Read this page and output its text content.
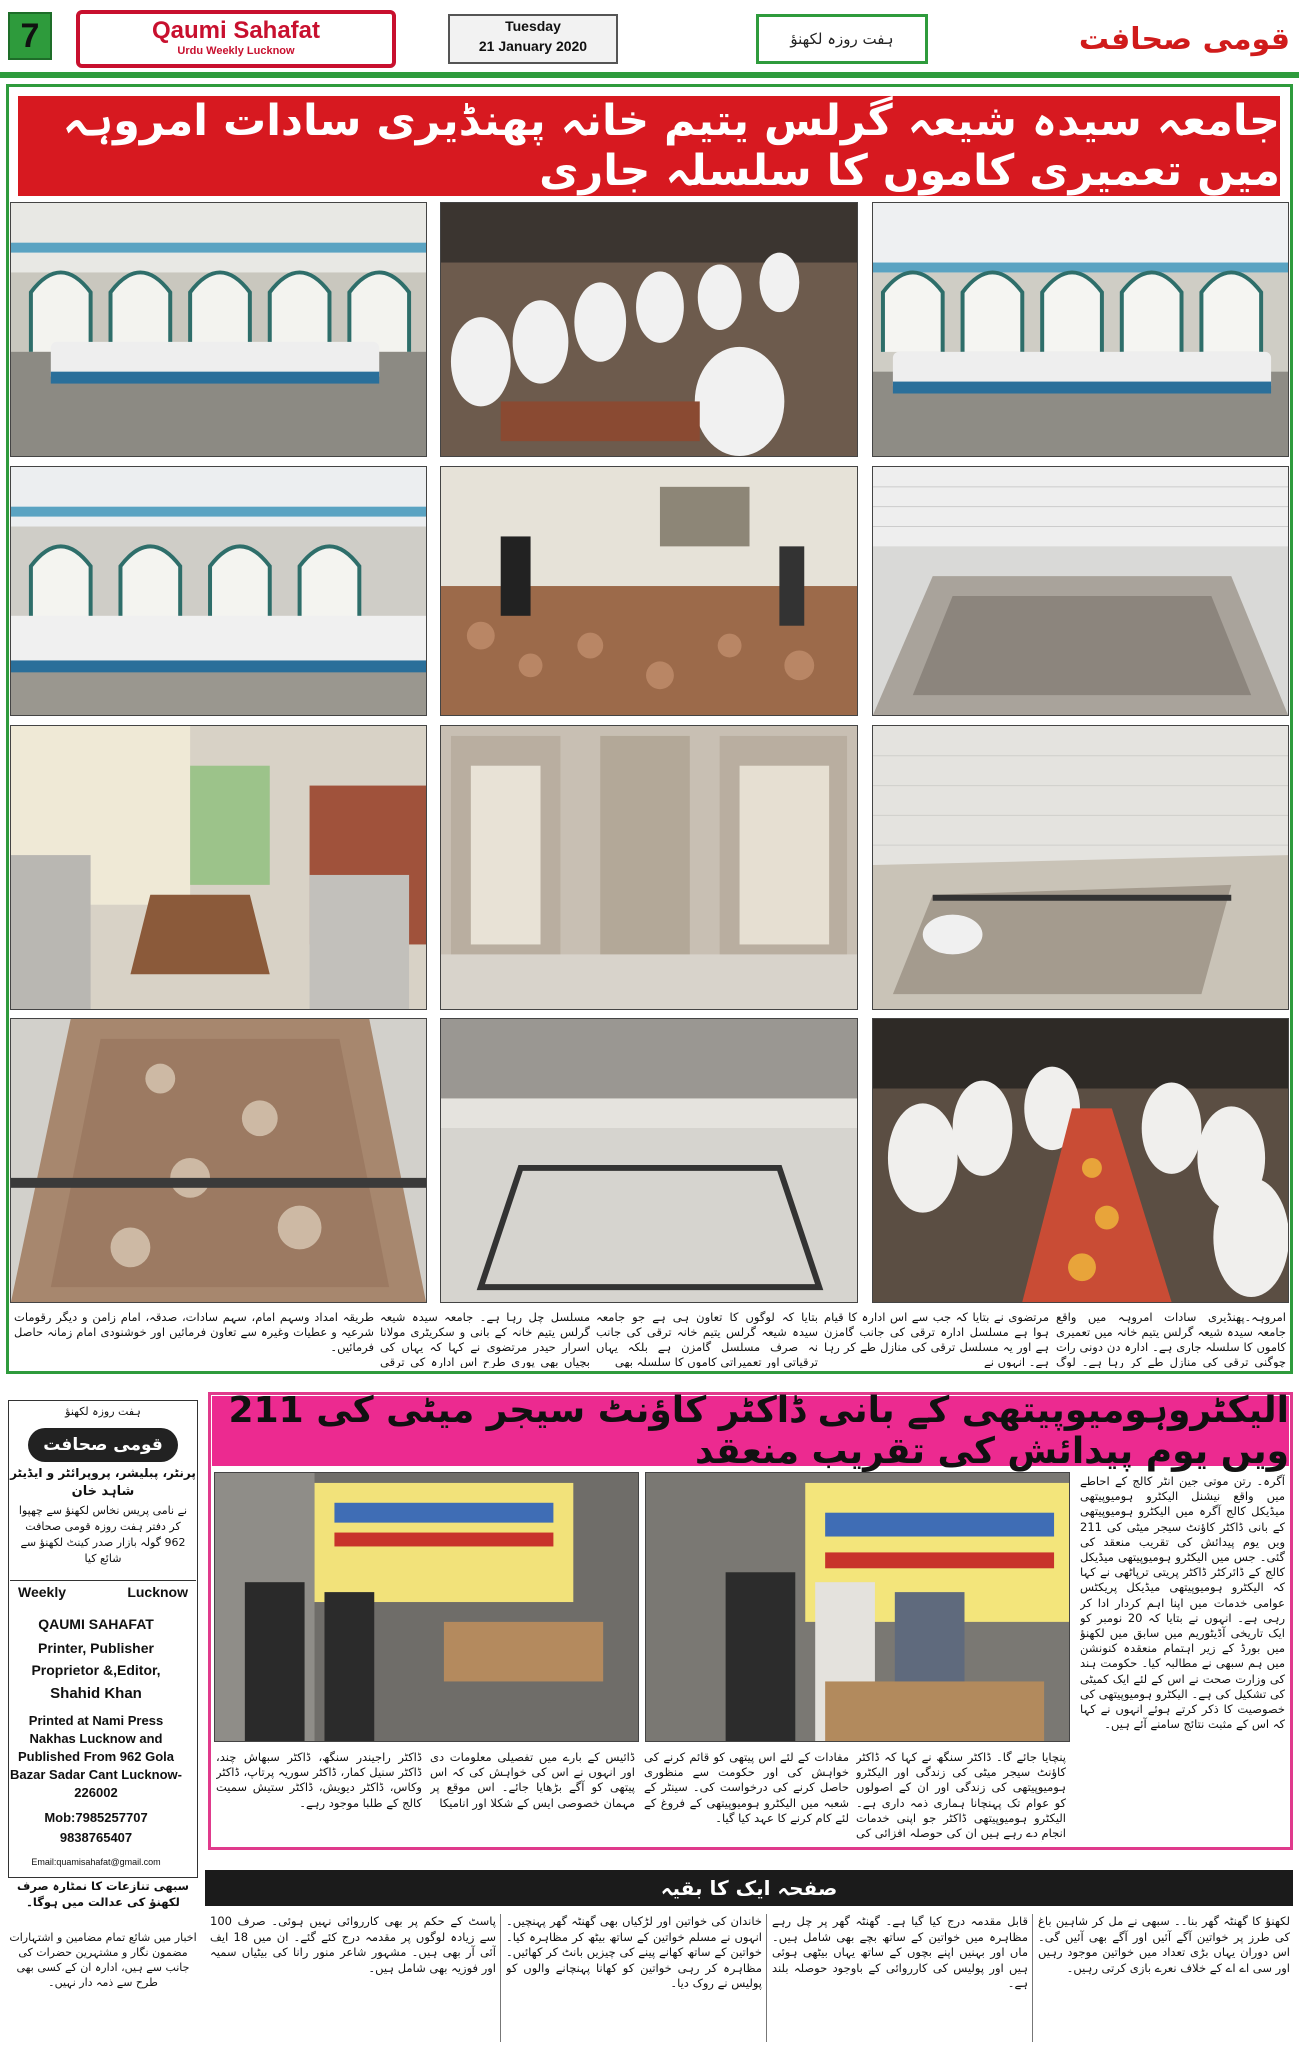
7	Qaumi Sahafat
Urdu Weekly Lucknow
Tuesday
21 January 2020	ہفت روزہ لکھنؤ	قومی صحافت
جامعہ سیدہ شیعہ گرلس یتیم خانہ پھنڈیری سادات امروہہ میں تعمیری کاموں کا سلسلہ جاری
امروہہ۔پھنڈیری سادات امروہہ میں واقع جامعہ سیدہ شیعہ گرلس یتیم خانہ میں تعمیری کاموں کا سلسلہ جاری ہے۔ ادارہ دن دونی رات چوگنی ترقی کی منازل طے کر رہا ہے۔ لوگ
مرتضوی نے بتایا کہ جب سے اس ادارہ کا قیام ہوا ہے مسلسل ادارہ ترقی کی جانب گامزن ہے اور یہ مسلسل ترقی کی منازل طے کر رہا ہے۔ انہوں نے
بتایا کہ لوگوں کا تعاون ہی ہے جو جامعہ سیدہ شیعہ گرلس یتیم خانہ ترقی کی جانب نہ صرف مسلسل گامزن ہے بلکہ یہاں ترقیاتی اور تعمیراتی کاموں کا سلسلہ بھی
مسلسل چل رہا ہے۔ جامعہ سیدہ شیعہ گرلس یتیم خانہ کے بانی و سکریٹری مولانا اسرار حیدر مرتضوی نے کہا کہ یہاں کی بچیاں بھی پوری طرح اس ادارہ کی ترقی
طریقہ امداد وسہم امام، سہم سادات، صدقہ، امام زامن و دیگر رقومات شرعیہ و عطیات وغیرہ سے تعاون فرمائیں اور خوشنودی امام زمانہ حاصل فرمائیں۔
الیکٹروہومیوپیتھی کے بانی ڈاکٹر کاؤنٹ سیجر میٹی کی 211 ویں یوم پیدائش کی تقریب منعقد
آگرہ۔ رتن موتی جین انٹر کالج کے احاطے میں واقع نیشنل الیکٹرو ہومیوپیتھی میڈیکل کالج آگرہ میں الیکٹرو ہومیوپیتھی کے بانی ڈاکٹر کاؤنٹ سیجر میٹی کی 211 ویں یوم پیدائش کی تقریب منعقد کی گئی۔ جس میں الیکٹرو ہومیوپیتھی میڈیکل کالج کے ڈائرکٹر ڈاکٹر پریتی ترپاٹھی نے کہا کہ الیکٹرو ہومیوپیتھی میڈیکل پریکٹس عوامی خدمات میں اپنا اہم کردار ادا کر رہی ہے۔ انہوں نے بتایا کہ 20 نومبر کو ایک تاریخی آڈیٹوریم میں سابق میں لکھنؤ میں بورڈ کے زیر اہتمام منعقدہ کنونشن میں ہم سبھی نے مطالبہ کیا۔ حکومت ہند کی وزارت صحت نے اس کے لئے ایک کمیٹی کی تشکیل کی ہے۔ الیکٹرو ہومیوپیتھی کی خصوصیت کا ذکر کرتے ہوئے انہوں نے کہا کہ اس کے مثبت نتائج سامنے آئے ہیں۔
پنچایا جائے گا۔ ڈاکٹر سنگھ نے کہا کہ ڈاکٹر کاؤنٹ سیجر میٹی کی زندگی اور الیکٹرو ہومیوپیتھی کی زندگی اور ان کے اصولوں کو عوام تک پہنچانا ہماری ذمہ داری ہے۔ الیکٹرو ہومیوپیتھی ڈاکٹر جو اپنی خدمات انجام دے رہے ہیں ان کی حوصلہ افزائی کی
مفادات کے لئے اس پیتھی کو قائم کرنے کی خواہش کی اور حکومت سے منظوری حاصل کرنے کی درخواست کی۔ سینٹر کے شعبہ میں الیکٹرو ہومیوپیتھی کے فروغ کے لئے کام کرنے کا عہد کیا گیا۔
ڈائیس کے بارے میں تفصیلی معلومات دی اور انہوں نے اس کی خواہش کی کہ اس پیتھی کو آگے بڑھایا جائے۔ اس موقع پر مہمان خصوصی ایس کے شکلا اور انامیکا
ڈاکٹر راجیندر سنگھ، ڈاکٹر سبھاش چند، ڈاکٹر سنیل کمار، ڈاکٹر سوریہ پرتاپ، ڈاکٹر وکاس، ڈاکٹر دیویش، ڈاکٹر ستیش سمیت کالج کے طلبا موجود رہے۔
ہفت روزہ لکھنؤ
قومی صحافت
پرنٹر، پبلیشر، پروپرائٹر و ایڈیٹر
شاہد خان
نے نامی پریس نخاس لکھنؤ سے چھپوا کر دفتر ہفت روزہ قومی صحافت 962 گولہ بازار صدر کینٹ لکھنؤ سے شائع کیا
Weekly	Lucknow
QAUMI SAHAFAT
Printer, Publisher
Proprietor &,Editor,
Shahid Khan
Printed at Nami Press Nakhas Lucknow and Published From 962 Gola Bazar Sadar Cant Lucknow-226002
Mob:7985257707
9838765407
Email:quamisahafat@gmail.com
سبھی تنازعات کا نمٹارہ صرف لکھنؤ کی عدالت میں ہوگا۔
اخبار میں شائع تمام مضامین و اشتہارات مضمون نگار و مشتہرین حضرات کی جانب سے ہیں، ادارہ ان کے کسی بھی طرح سے ذمہ دار نہیں۔
صفحہ ایک کا بقیہ
لکھنؤ کا گھنٹہ گھر بنا۔۔ سبھی نے مل کر شاہین باغ کی طرز پر خواتین آگے آئیں اور آگے بھی آئیں گی۔ اس دوران یہاں بڑی تعداد میں خواتین موجود رہیں اور سی اے اے کے خلاف نعرے بازی کرتی رہیں۔
قابل مقدمہ درج کیا گیا ہے۔ گھنٹہ گھر پر چل رہے مظاہرہ میں خواتین کے ساتھ بچے بھی شامل ہیں۔ ماں اور بہنیں اپنے بچوں کے ساتھ یہاں بیٹھی ہوئی ہیں اور پولیس کی کارروائی کے باوجود حوصلہ بلند ہے۔
خاندان کی خواتین اور لڑکیاں بھی گھنٹہ گھر پہنچیں۔ انہوں نے مسلم خواتین کے ساتھ بیٹھ کر مظاہرہ کیا۔ خواتین کے ساتھ کھانے پینے کی چیزیں بانٹ کر کھائیں۔ مظاہرہ کر رہی خواتین کو کھانا پہنچانے والوں کو پولیس نے روک دیا۔
پاسٹ کے حکم پر بھی کارروائی نہیں ہوئی۔ صرف 100 سے زیادہ لوگوں پر مقدمہ درج کئے گئے۔ ان میں 18 ایف آئی آر بھی ہیں۔ مشہور شاعر منور رانا کی بیٹیاں سمیہ اور فوزیہ بھی شامل ہیں۔
